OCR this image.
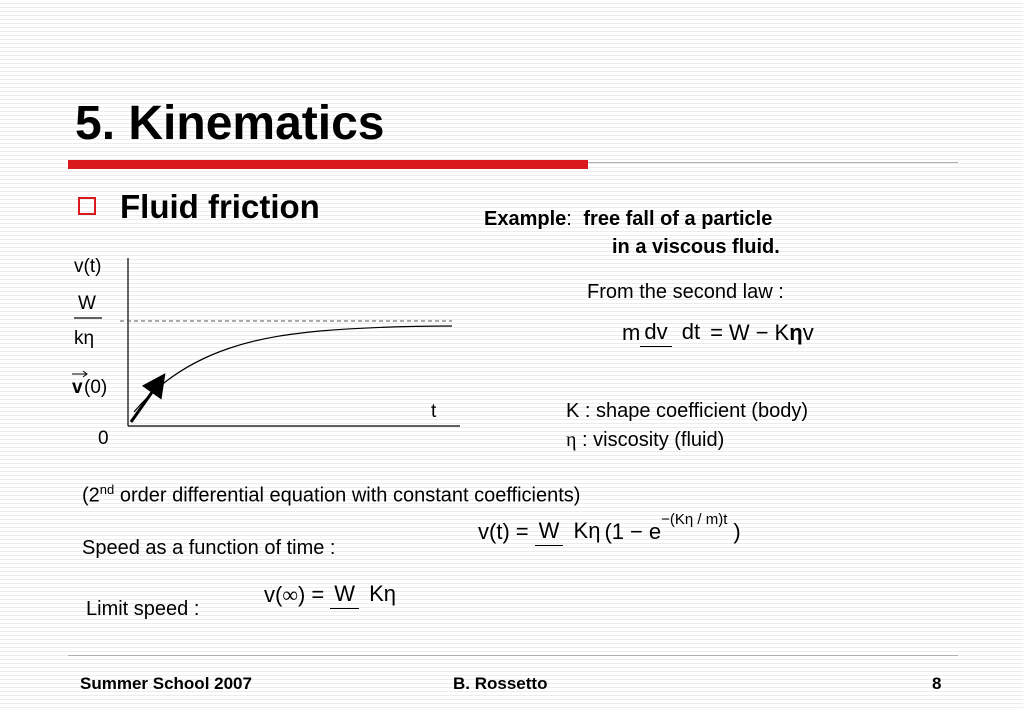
5. Kinematics
Fluid friction
v(t)
W
kη
v (0)
t
0
Example: free fall of a particle
in a viscous fluid.
From the second law :
m dv dt = W − K η v
K : shape coefficient (body)
η : viscosity (fluid)
(2nd order differential equation with constant coefficients)
Speed as a function of time :
v(t) = W Kη (1 − e −(Kη / m)t )
Limit speed :
v( ∞ ) = W Kη
Summer School 2007	B. Rossetto	8
